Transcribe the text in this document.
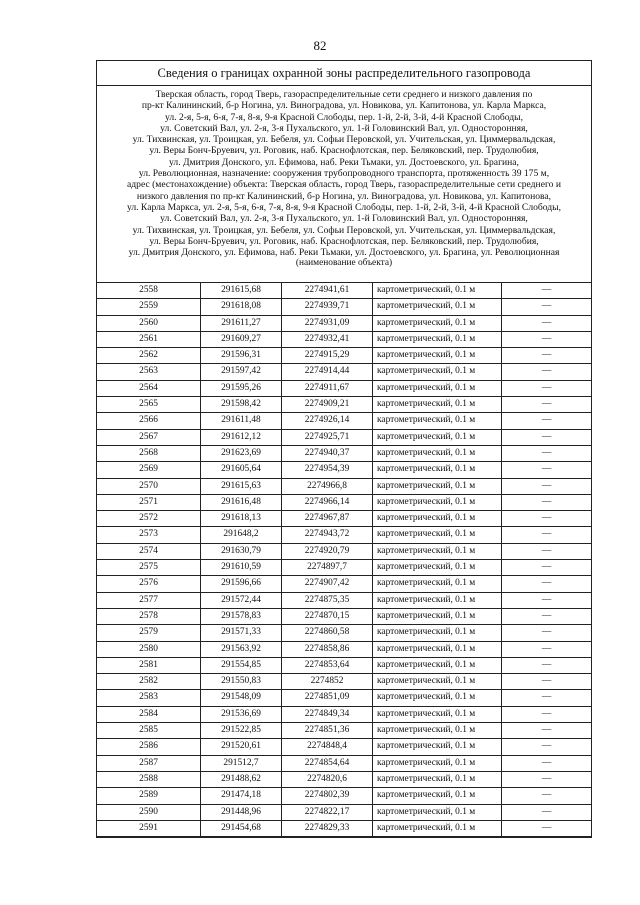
82
Сведения о границах охранной зоны распределительного газопровода
Тверская область, город Тверь, газораспределительные сети среднего и низкого давления по
пр-кт Калининский, б-р Ногина, ул. Виноградова, ул. Новикова, ул. Капитонова, ул. Карла Маркса,
ул. 2-я, 5-я, 6-я, 7-я, 8-я, 9-я Красной Слободы, пер. 1-й, 2-й, 3-й, 4-й Красной Слободы,
ул. Советский Вал, ул. 2-я, 3-я Пухальского, ул. 1-й Головинский Вал, ул. Односторонняя,
ул. Тихвинская, ул. Троицкая, ул. Бебеля, ул. Софьи Перовской, ул. Учительская, ул. Циммервальдская,
ул. Веры Бонч-Бруевич, ул. Роговик, наб. Краснофлотская, пер. Беляковский, пер. Трудолюбия,
ул. Дмитрия Донского, ул. Ефимова, наб. Реки Тьмаки, ул. Достоевского, ул. Брагина,
ул. Революционная, назначение: сооружения трубопроводного транспорта, протяженность 39 175 м,
адрес (местонахождение) объекта: Тверская область, город Тверь, газораспределительные сети среднего и
низкого давления по пр-кт Калининский, б-р Ногина, ул. Виноградова, ул. Новикова, ул. Капитонова,
ул. Карла Маркса, ул. 2-я, 5-я, 6-я, 7-я, 8-я, 9-я Красной Слободы, пер. 1-й, 2-й, 3-й, 4-й Красной Слободы,
ул. Советский Вал, ул. 2-я, 3-я Пухальского, ул. 1-й Головинский Вал, ул. Односторонняя,
ул. Тихвинская, ул. Троицкая, ул. Бебеля, ул. Софьи Перовской, ул. Учительская, ул. Циммервальдская,
ул. Веры Бонч-Бруевич, ул. Роговик, наб. Краснофлотская, пер. Беляковский, пер. Трудолюбия,
ул. Дмитрия Донского, ул. Ефимова, наб. Реки Тьмаки, ул. Достоевского, ул. Брагина, ул. Революционная
(наименование объекта)
2558	291615,68	2274941,61	картометрический, 0.1 м	—
2559	291618,08	2274939,71	картометрический, 0.1 м	—
2560	291611,27	2274931,09	картометрический, 0.1 м	—
2561	291609,27	2274932,41	картометрический, 0.1 м	—
2562	291596,31	2274915,29	картометрический, 0.1 м	—
2563	291597,42	2274914,44	картометрический, 0.1 м	—
2564	291595,26	2274911,67	картометрический, 0.1 м	—
2565	291598,42	2274909,21	картометрический, 0.1 м	—
2566	291611,48	2274926,14	картометрический, 0.1 м	—
2567	291612,12	2274925,71	картометрический, 0.1 м	—
2568	291623,69	2274940,37	картометрический, 0.1 м	—
2569	291605,64	2274954,39	картометрический, 0.1 м	—
2570	291615,63	2274966,8	картометрический, 0.1 м	—
2571	291616,48	2274966,14	картометрический, 0.1 м	—
2572	291618,13	2274967,87	картометрический, 0.1 м	—
2573	291648,2	2274943,72	картометрический, 0.1 м	—
2574	291630,79	2274920,79	картометрический, 0.1 м	—
2575	291610,59	2274897,7	картометрический, 0.1 м	—
2576	291596,66	2274907,42	картометрический, 0.1 м	—
2577	291572,44	2274875,35	картометрический, 0.1 м	—
2578	291578,83	2274870,15	картометрический, 0.1 м	—
2579	291571,33	2274860,58	картометрический, 0.1 м	—
2580	291563,92	2274858,86	картометрический, 0.1 м	—
2581	291554,85	2274853,64	картометрический, 0.1 м	—
2582	291550,83	2274852	картометрический, 0.1 м	—
2583	291548,09	2274851,09	картометрический, 0.1 м	—
2584	291536,69	2274849,34	картометрический, 0.1 м	—
2585	291522,85	2274851,36	картометрический, 0.1 м	—
2586	291520,61	2274848,4	картометрический, 0.1 м	—
2587	291512,7	2274854,64	картометрический, 0.1 м	—
2588	291488,62	2274820,6	картометрический, 0.1 м	—
2589	291474,18	2274802,39	картометрический, 0.1 м	—
2590	291448,96	2274822,17	картометрический, 0.1 м	—
2591	291454,68	2274829,33	картометрический, 0.1 м	—
